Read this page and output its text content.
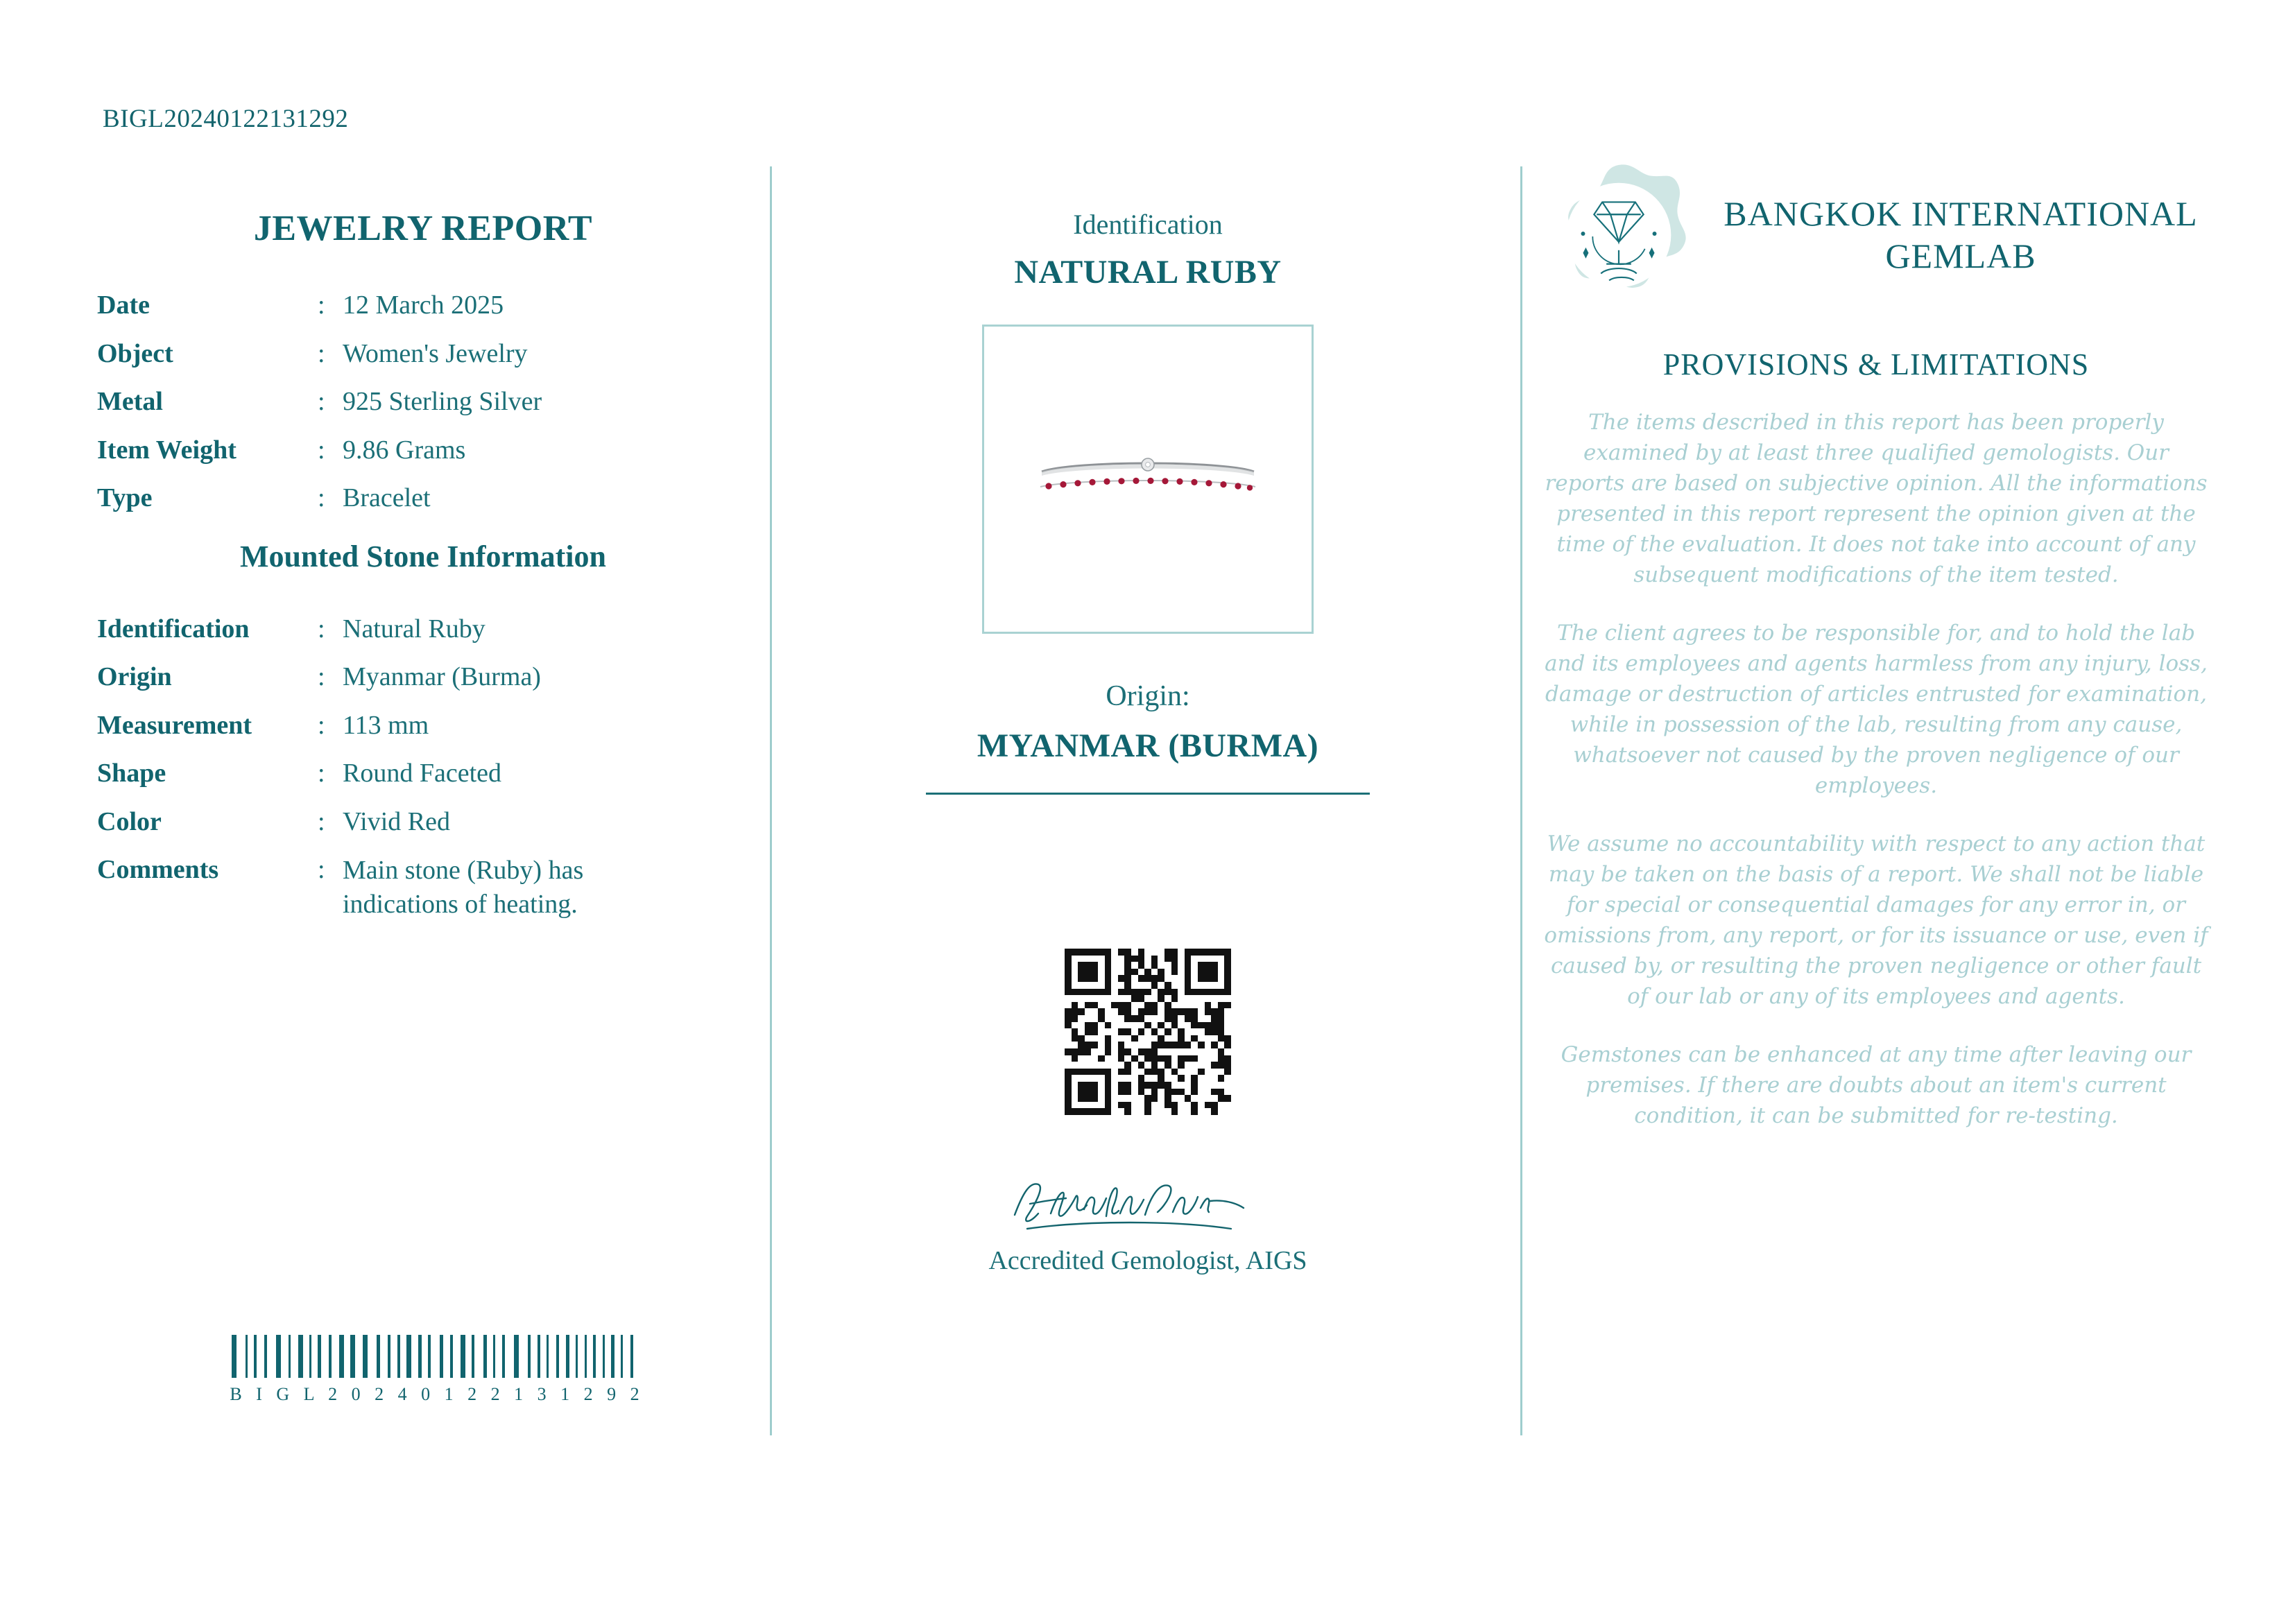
BIGL20240122131292
JEWELRY REPORT
Date	: 12 March 2025
Object	: Women's Jewelry
Metal	: 925 Sterling Silver
Item Weight	: 9.86 Grams
Type	: Bracelet
Mounted Stone Information
Identification	: Natural Ruby
Origin	: Myanmar (Burma)
Measurement	: 113 mm
Shape	: Round Faceted
Color	: Vivid Red
Comments	: Main stone (Ruby) has indications of heating.
B I G L 2 0 2 4 0 1 2 2 1 3 1 2 9 2
Identification
NATURAL RUBY
Origin:
MYANMAR (BURMA)
Accredited Gemologist, AIGS
BANGKOK INTERNATIONAL GEMLAB
PROVISIONS & LIMITATIONS
The items described in this report has been properly examined by at least three qualified gemologists. Our reports are based on subjective opinion. All the informations presented in this report represent the opinion given at the time of the evaluation. It does not take into account of any subsequent modifications of the item tested.
The client agrees to be responsible for, and to hold the lab and its employees and agents harmless from any injury, loss, damage or destruction of articles entrusted for examination, while in possession of the lab, resulting from any cause, whatsoever not caused by the proven negligence of our employees.
We assume no accountability with respect to any action that may be taken on the basis of a report. We shall not be liable for special or consequential damages for any error in, or omissions from, any report, or for its issuance or use, even if caused by, or resulting the proven negligence or other fault of our lab or any of its employees and agents.
Gemstones can be enhanced at any time after leaving our premises. If there are doubts about an item's current condition, it can be submitted for re-testing.
